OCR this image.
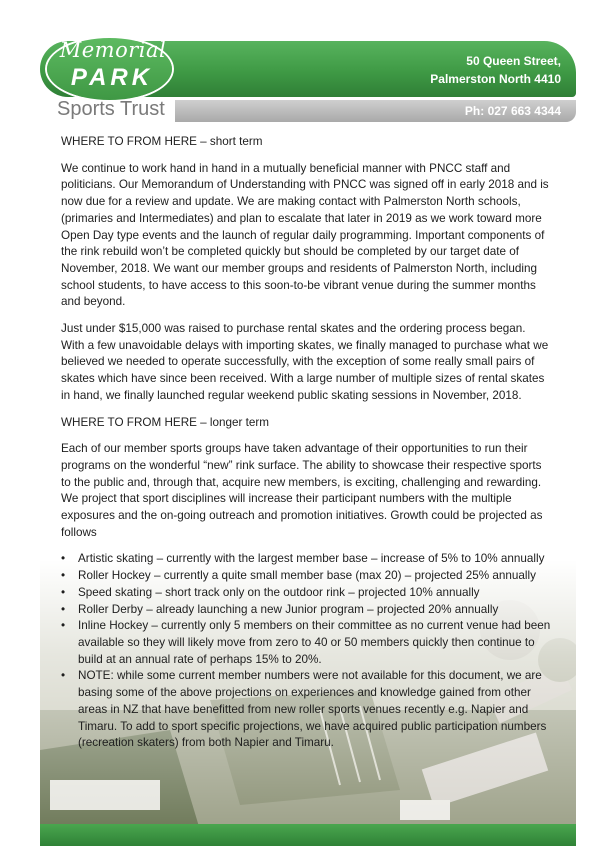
Memorial
PARK
50 Queen Street,
Palmerston North 4410
Sports Trust	Ph: 027 663 4344
WHERE TO FROM HERE – short term

We continue to work hand in hand in a mutually beneficial manner with PNCC staff and politicians. Our Memorandum of Understanding with PNCC was signed off in early 2018 and is now due for a review and update. We are making contact with Palmerston North schools, (primaries and Intermediates) and plan to escalate that later in 2019 as we work toward more Open Day type events and the launch of regular daily programming. Important components of the rink rebuild won’t be completed quickly but should be completed by our target date of November, 2018. We want our member groups and residents of Palmerston North, including school students, to have access to this soon-to-be vibrant venue during the summer months and beyond.

Just under $15,000 was raised to purchase rental skates and the ordering process began. With a few unavoidable delays with importing skates, we finally managed to purchase what we believed we needed to operate successfully, with the exception of some really small pairs of skates which have since been received. With a large number of multiple sizes of rental skates in hand, we finally launched regular weekend public skating sessions in November, 2018.

WHERE TO FROM HERE – longer term

Each of our member sports groups have taken advantage of their opportunities to run their programs on the wonderful “new” rink surface. The ability to showcase their respective sports to the public and, through that, acquire new members, is exciting, challenging and rewarding. We project that sport disciplines will increase their participant numbers with the multiple exposures and the on-going outreach and promotion initiatives. Growth could be projected as follows

• Artistic skating – currently with the largest member base – increase of 5% to 10% annually
• Roller Hockey – currently a quite small member base (max 20) – projected 25% annually
• Speed skating – short track only on the outdoor rink – projected 10% annually
• Roller Derby – already launching a new Junior program – projected 20% annually
• Inline Hockey – currently only 5 members on their committee as no current venue had been available so they will likely move from zero to 40 or 50 members quickly then continue to build at an annual rate of perhaps 15% to 20%.
• NOTE: while some current member numbers were not available for this document, we are basing some of the above projections on experiences and knowledge gained from other areas in NZ that have benefitted from new roller sports venues recently e.g. Napier and Timaru. To add to sport specific projections, we have acquired public participation numbers (recreation skaters) from both Napier and Timaru.
